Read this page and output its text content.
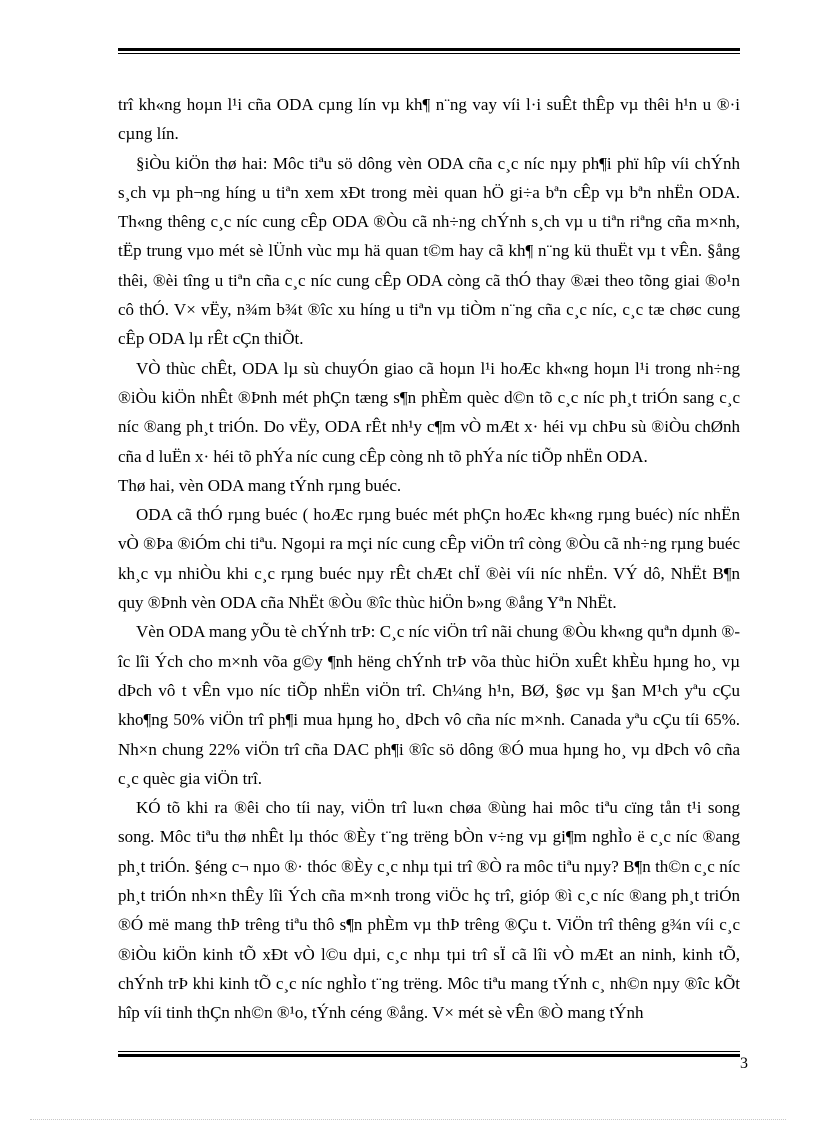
trî kh«ng hoµn l¹i cña ODA cµng lín vµ kh¶ n¨ng vay víi l·i suÊt thÊp vµ thêi h¹n u ®·i cµng lín.

§iÒu kiÖn thø hai: Môc tiªu sö dông vèn ODA cña c¸c níc nµy ph¶i phï hîp víi chÝnh s¸ch vµ ph¬ng híng u tiªn xem xÐt trong mèi quan hÖ gi÷a bªn cÊp vµ bªn nhËn ODA. Th«ng thêng c¸c níc cung cÊp ODA ®Òu cã nh÷ng chÝnh s¸ch vµ u tiªn riªng cña m×nh, tËp trung vµo mét sè lÜnh vùc mµ hä quan t©m hay cã kh¶ n¨ng kü thuËt vµ t vÊn. §ång thêi, ®èi tîng u tiªn cña c¸c níc cung cÊp ODA còng cã thÓ thay ®æi theo tõng giai ®o¹n cô thÓ. V× vËy, n¾m b¾t ®îc xu híng u tiªn vµ tiÒm n¨ng cña c¸c níc, c¸c tæ chøc cung cÊp ODA lµ rÊt cÇn thiÕt.

VÒ thùc chÊt, ODA lµ sù chuyÓn giao cã hoµn l¹i hoÆc kh«ng hoµn l¹i trong nh÷ng ®iÒu kiÖn nhÊt ®Þnh mét phÇn tæng s¶n phÈm quèc d©n tõ c¸c níc ph¸t triÓn sang c¸c níc ®ang ph¸t triÓn. Do vËy, ODA rÊt nh¹y c¶m vÒ mÆt x· héi vµ chÞu sù ®iÒu chØnh cña d luËn x· héi tõ phÝa níc cung cÊp còng nh tõ phÝa níc tiÕp nhËn ODA.

Thø hai, vèn ODA mang tÝnh rµng buéc.

ODA cã thÓ rµng buéc ( hoÆc rµng buéc mét phÇn hoÆc kh«ng rµng buéc) níc nhËn vÒ ®Þa ®iÓm chi tiªu. Ngoµi ra mçi níc cung cÊp viÖn trî còng ®Òu cã nh÷ng rµng buéc kh¸c vµ nhiÒu khi c¸c rµng buéc nµy rÊt chÆt chÏ ®èi víi níc nhËn. VÝ dô, NhËt B¶n quy ®Þnh vèn ODA cña NhËt ®Òu ®îc thùc hiÖn b»ng ®ång Yªn NhËt.

Vèn ODA mang yÕu tè chÝnh trÞ: C¸c níc viÖn trî nãi chung ®Òu kh«ng quªn dµnh ®îc lîi Ých cho m×nh võa g©y ¶nh hëng chÝnh trÞ võa thùc hiÖn xuÊt khÈu hµng ho¸ vµ dÞch vô t vÊn vµo níc tiÕp nhËn viÖn trî. Ch¼ng h¹n, BØ, §øc vµ §an M¹ch yªu cÇu kho¶ng 50% viÖn trî ph¶i mua hµng ho¸ dÞch vô cña níc m×nh. Canada yªu cÇu tíi 65%. Nh×n chung 22% viÖn trî cña DAC ph¶i ®îc sö dông ®Ó mua hµng ho¸ vµ dÞch vô cña c¸c quèc gia viÖn trî.

KÓ tõ khi ra ®êi cho tíi nay, viÖn trî lu«n chøa ®ùng hai môc tiªu cïng tån t¹i song song. Môc tiªu thø nhÊt lµ thóc ®Èy t¨ng trëng bÒn v÷ng vµ gi¶m nghÌo ë c¸c níc ®ang ph¸t triÓn. §éng c¬ nµo ®· thóc ®Èy c¸c nhµ tµi trî ®Ò ra môc tiªu nµy? B¶n th©n c¸c níc ph¸t triÓn nh×n thÊy lîi Ých cña m×nh trong viÖc hç trî, gióp ®ì c¸c níc ®ang ph¸t triÓn ®Ó më mang thÞ trêng tiªu thô s¶n phÈm vµ thÞ trêng ®Çu t. ViÖn trî thêng g¾n víi c¸c ®iÒu kiÖn kinh tÕ xÐt vÒ l©u dµi, c¸c nhµ tµi trî sÏ cã lîi vÒ mÆt an ninh, kinh tÕ, chÝnh trÞ khi kinh tÕ c¸c níc nghÌo t¨ng trëng. Môc tiªu mang tÝnh c¸ nh©n nµy ®îc kÕt hîp víi tinh thÇn nh©n ®¹o, tÝnh céng ®ång. V× mét sè vÊn ®Ò mang tÝnh

3
